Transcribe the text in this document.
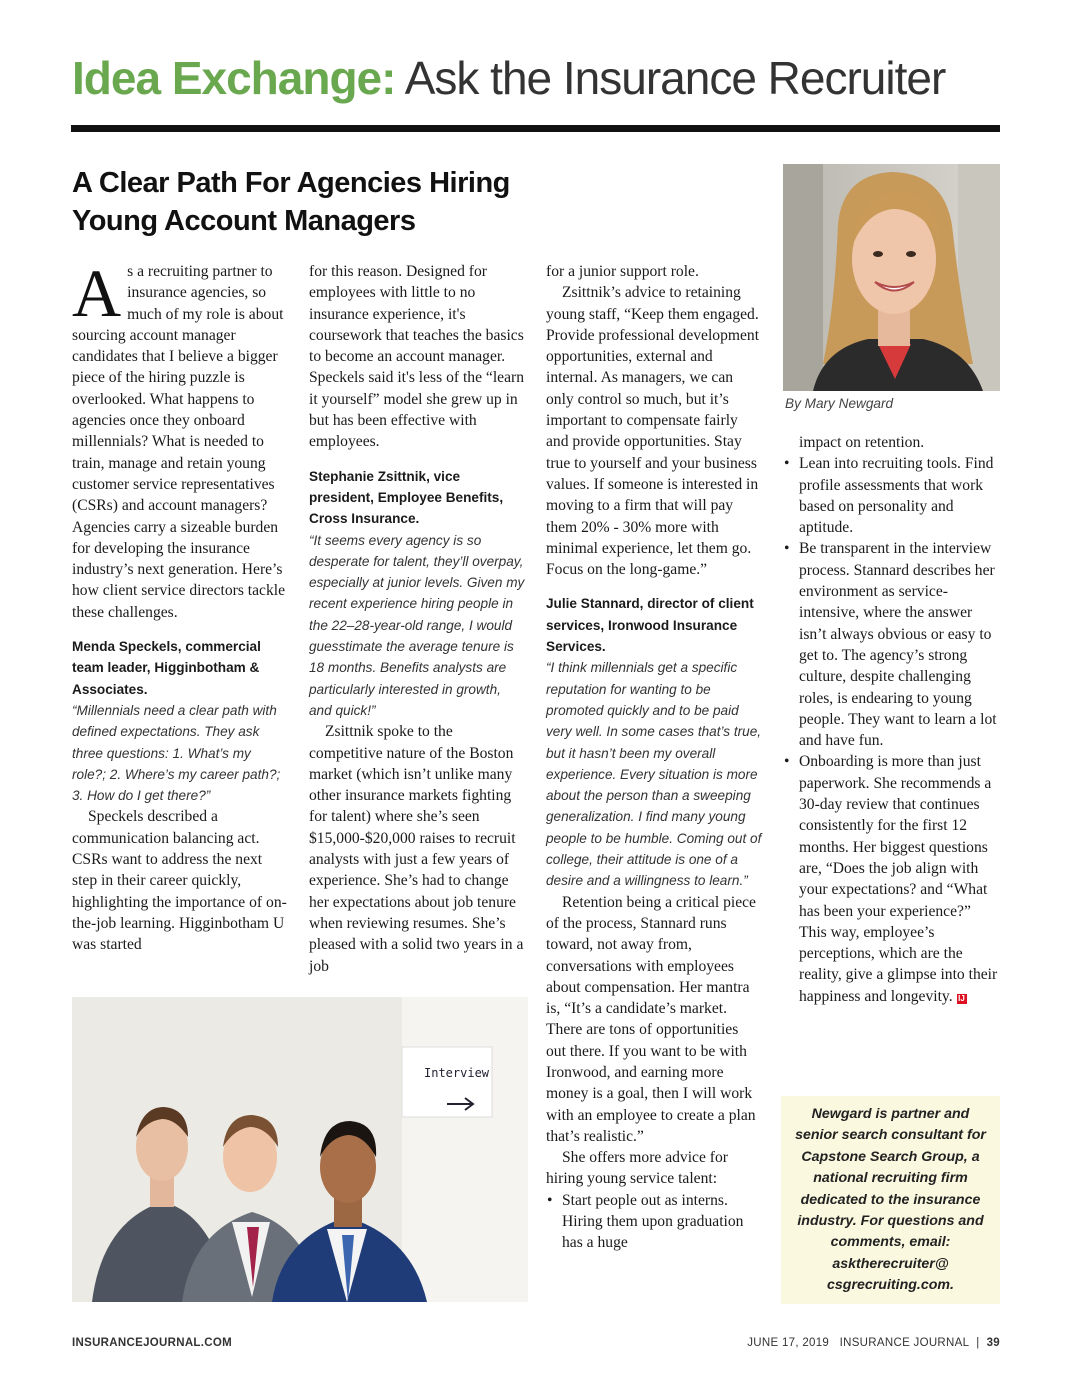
Idea Exchange: Ask the Insurance Recruiter
A Clear Path For Agencies Hiring Young Account Managers
By Mary Newgard
A s a recruiting partner to insurance agencies, so much of my role is about sourcing account manager candidates that I believe a bigger piece of the hiring puzzle is overlooked. What happens to agencies once they onboard millennials? What is needed to train, manage and retain young customer service representatives (CSRs) and account managers? Agencies carry a sizeable burden for developing the insurance industry’s next generation. Here’s how client service directors tackle these challenges.

Menda Speckels, commercial team leader, Higginbotham & Associates.

“Millennials need a clear path with defined expectations. They ask three questions: 1. What’s my role?; 2. Where’s my career path?; 3. How do I get there?”

Speckels described a communication balancing act. CSRs want to address the next step in their career quickly, highlighting the importance of on-the-job learning. Higginbotham U was started

for this reason. Designed for employees with little to no insurance experience, it's coursework that teaches the basics to become an account manager. Speckels said it's less of the “learn it yourself” model she grew up in but has been effective with employees.

Stephanie Zsittnik, vice president, Employee Benefits, Cross Insurance.

“It seems every agency is so desperate for talent, they’ll overpay, especially at junior levels. Given my recent experience hiring people in the 22–28-year-old range, I would guesstimate the average tenure is 18 months. Benefits analysts are particularly interested in growth, and quick!”

Zsittnik spoke to the competitive nature of the Boston market (which isn’t unlike many other insurance markets fighting for talent) where she’s seen $15,000-$20,000 raises to recruit analysts with just a few years of experience. She’s had to change her expectations about job tenure when reviewing resumes. She’s pleased with a solid two years in a job

for a junior support role.

Zsittnik’s advice to retaining young staff, “Keep them engaged. Provide professional development opportunities, external and internal. As managers, we can only control so much, but it’s important to compensate fairly and provide opportunities. Stay true to yourself and your business values. If someone is interested in moving to a firm that will pay them 20% - 30% more with minimal experience, let them go. Focus on the long-game.”

Julie Stannard, director of client services, Ironwood Insurance Services.

“I think millennials get a specific reputation for wanting to be promoted quickly and to be paid very well. In some cases that’s true, but it hasn’t been my overall experience. Every situation is more about the person than a sweeping generalization. I find many young people to be humble. Coming out of college, their attitude is one of a desire and a willingness to learn.”

Retention being a critical piece of the process, Stannard runs toward, not away from, conversations with employees about compensation. Her mantra is, “It’s a candidate’s market. There are tons of opportunities out there. If you want to be with Ironwood, and earning more money is a goal, then I will work with an employee to create a plan that’s realistic.”

She offers more advice for hiring young service talent:

• Start people out as interns. Hiring them upon graduation has a huge

impact on retention.

• Lean into recruiting tools. Find profile assessments that work based on personality and aptitude.
• Be transparent in the interview process. Stannard describes her environment as service-intensive, where the answer isn’t always obvious or easy to get to. The agency’s strong culture, despite challenging roles, is endearing to young people. They want to learn a lot and have fun.
• Onboarding is more than just paperwork. She recommends a 30-day review that continues consistently for the first 12 months. Her biggest questions are, “Does the job align with your expectations? and “What has been your experience?” This way, employee’s perceptions, which are the reality, give a glimpse into their happiness and longevity. IJ
Interview
Newgard is partner and senior search consultant for Capstone Search Group, a national recruiting firm dedicated to the insurance industry. For questions and comments, email: asktherecruiter@ csgrecruiting.com.
INSURANCEJOURNAL.COM	JUNE 17, 2019 INSURANCE JOURNAL  |  39
